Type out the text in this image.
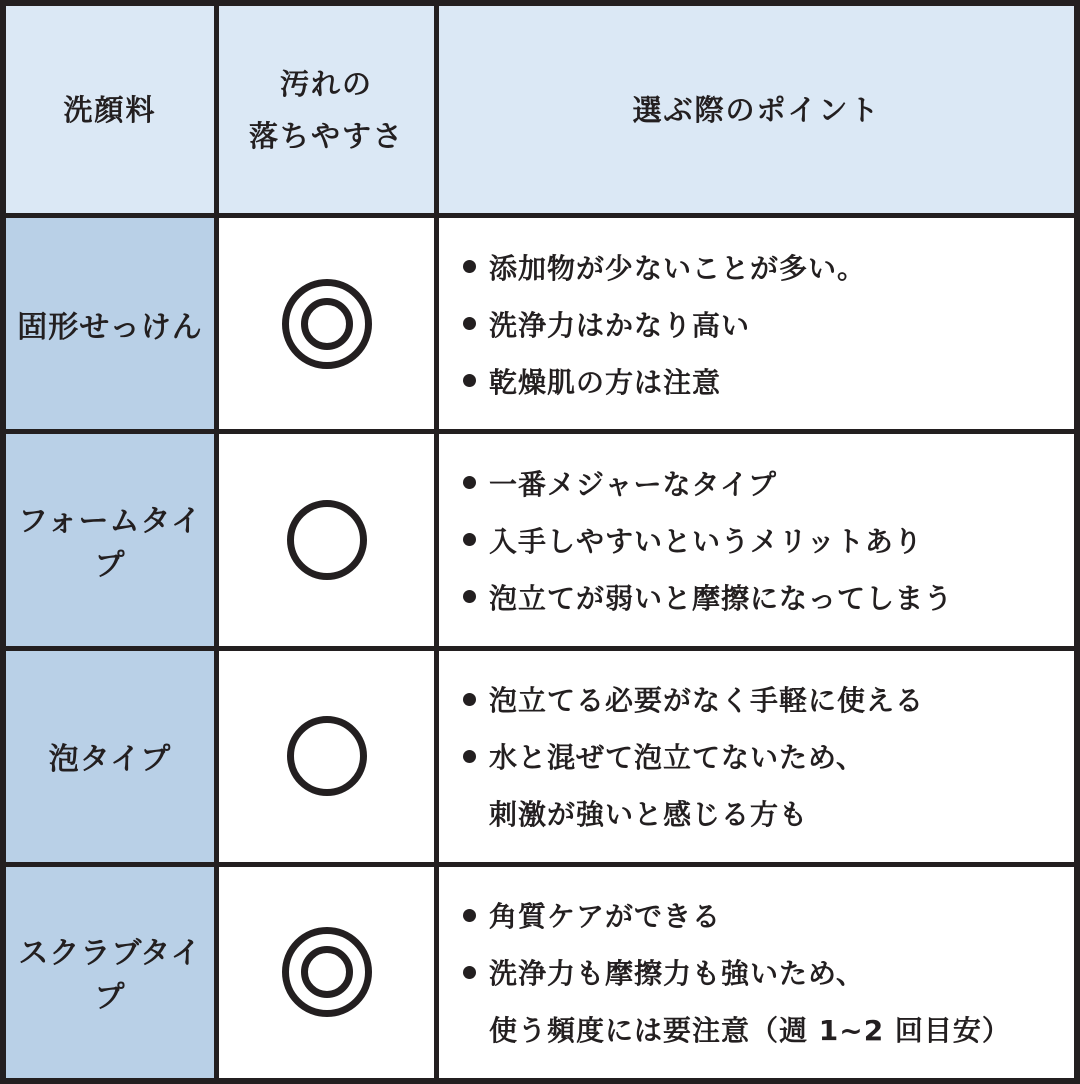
洗顔料
汚れの
落ちやすさ
選ぶ際のポイント
固形せっけん
添加物が少ないことが多い。
洗浄力はかなり高い
乾燥肌の方は注意
フォームタイプ
一番メジャーなタイプ
入手しやすいというメリットあり
泡立てが弱いと摩擦になってしまう
泡タイプ
泡立てる必要がなく手軽に使える
水と混ぜて泡立てないため、
刺激が強いと感じる方も
スクラブタイプ
角質ケアができる
洗浄力も摩擦力も強いため、
使う頻度には要注意（週 1~2 回目安）
